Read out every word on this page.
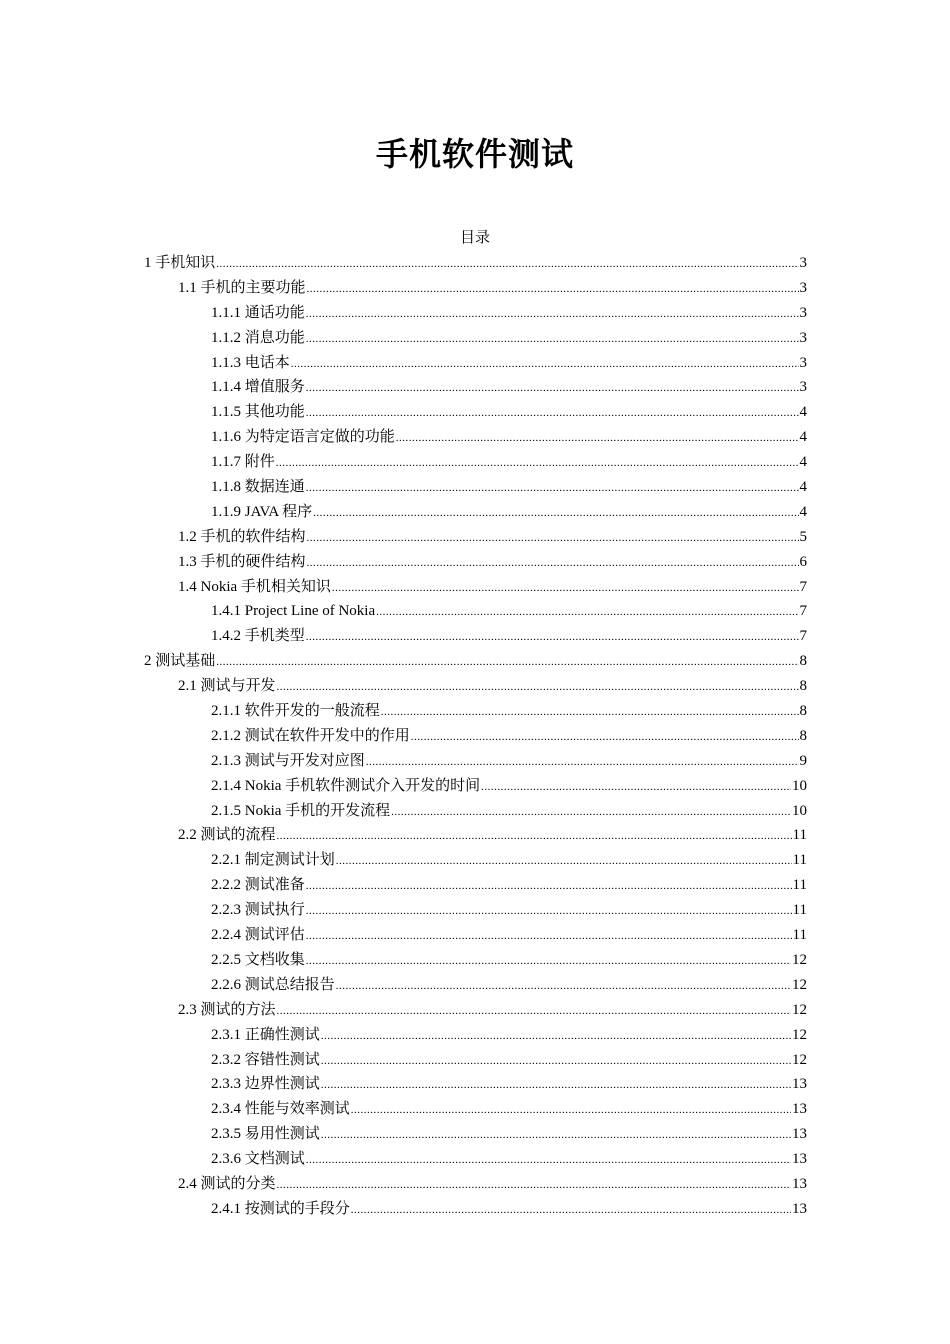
手机软件测试
目录
1 手机知识 .....	3
1.1 手机的主要功能 .....	3
1.1.1 通话功能 .....	3
1.1.2 消息功能 .....	3
1.1.3 电话本 .....	3
1.1.4 增值服务 .....	3
1.1.5 其他功能 .....	4
1.1.6 为特定语言定做的功能 .....	4
1.1.7 附件 .....	4
1.1.8 数据连通 .....	4
1.1.9 JAVA 程序 .....	4
1.2 手机的软件结构 .....	5
1.3 手机的硬件结构 .....	6
1.4 Nokia 手机相关知识 .....	7
1.4.1 Project Line of Nokia .....	7
1.4.2 手机类型 .....	7
2 测试基础 .....	8
2.1 测试与开发 .....	8
2.1.1 软件开发的一般流程 .....	8
2.1.2 测试在软件开发中的作用 .....	8
2.1.3 测试与开发对应图 .....	9
2.1.4 Nokia 手机软件测试介入开发的时间 .....	10
2.1.5 Nokia 手机的开发流程 .....	10
2.2 测试的流程 .....	11
2.2.1 制定测试计划 .....	11
2.2.2 测试准备 .....	11
2.2.3 测试执行 .....	11
2.2.4 测试评估 .....	11
2.2.5 文档收集 .....	12
2.2.6 测试总结报告 .....	12
2.3 测试的方法 .....	12
2.3.1 正确性测试 .....	12
2.3.2 容错性测试 .....	12
2.3.3 边界性测试 .....	13
2.3.4 性能与效率测试 .....	13
2.3.5 易用性测试 .....	13
2.3.6 文档测试 .....	13
2.4 测试的分类 .....	13
2.4.1 按测试的手段分 .....	13
